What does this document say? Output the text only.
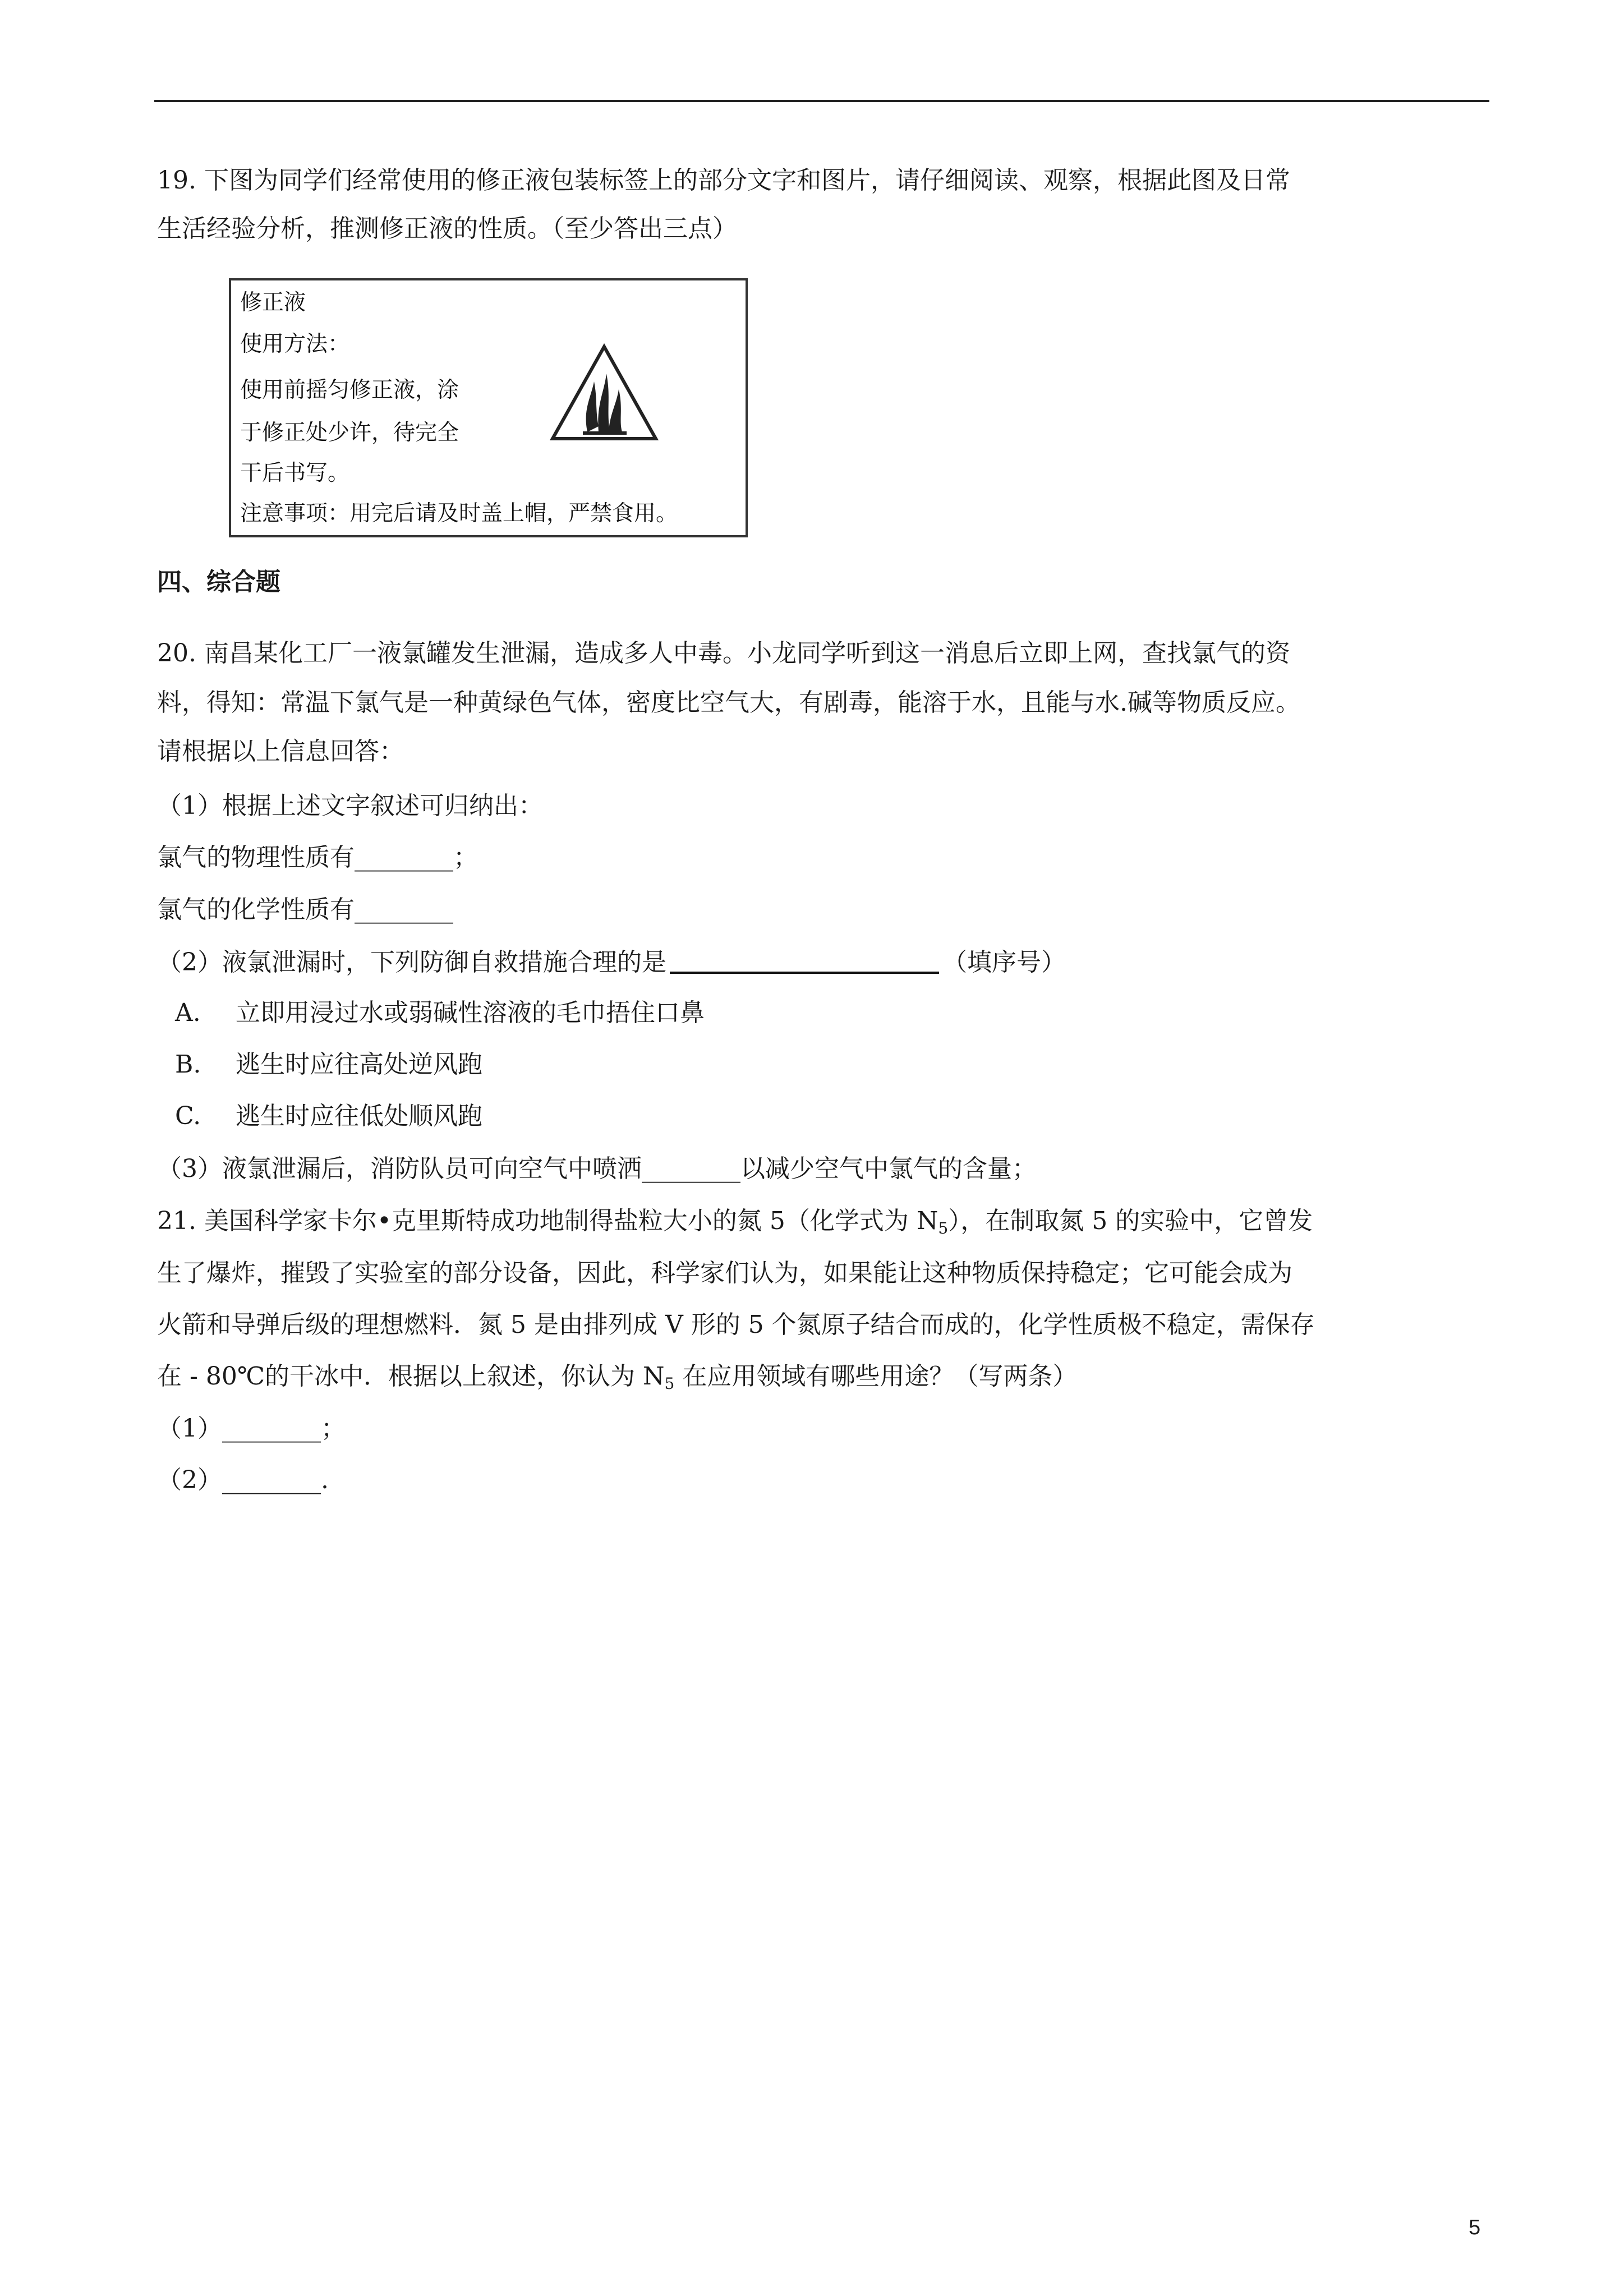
19. 下图为同学们经常使用的修正液包装标签上的部分文字和图片，请仔细阅读、观察，根据此图及日常
生活经验分析，推测修正液的性质。（至少答出三点）
修正液
使用方法：
使用前摇匀修正液，涂
于修正处少许，待完全
干后书写。
注意事项：用完后请及时盖上帽，严禁食用。
四、综合题
20. 南昌某化工厂一液氯罐发生泄漏，造成多人中毒。小龙同学听到这一消息后立即上网，查找氯气的资
料，得知：常温下氯气是一种黄绿色气体，密度比空气大，有剧毒，能溶于水，且能与水.碱等物质反应。
请根据以上信息回答：
（1）根据上述文字叙述可归纳出：
氯气的物理性质有________；
氯气的化学性质有________
（2）液氯泄漏时，下列防御自救措施合理的是	（填序号）
A. 立即用浸过水或弱碱性溶液的毛巾捂住口鼻
B. 逃生时应往高处逆风跑
C. 逃生时应往低处顺风跑
（3）液氯泄漏后，消防队员可向空气中喷洒________以减少空气中氯气的含量；
21. 美国科学家卡尔•克里斯特成功地制得盐粒大小的氮 5（化学式为 $N_5$），在制取氮 5 的实验中，它曾发
生了爆炸，摧毁了实验室的部分设备，因此，科学家们认为，如果能让这种物质保持稳定；它可能会成为
火箭和导弹后级的理想燃料．氮 5 是由排列成 V 形的 5 个氮原子结合而成的，化学性质极不稳定，需保存
在 - 80℃的干冰中．根据以上叙述，你认为 $N_5$ 在应用领域有哪些用途？（写两条）
（1）________；
（2）________.
5
